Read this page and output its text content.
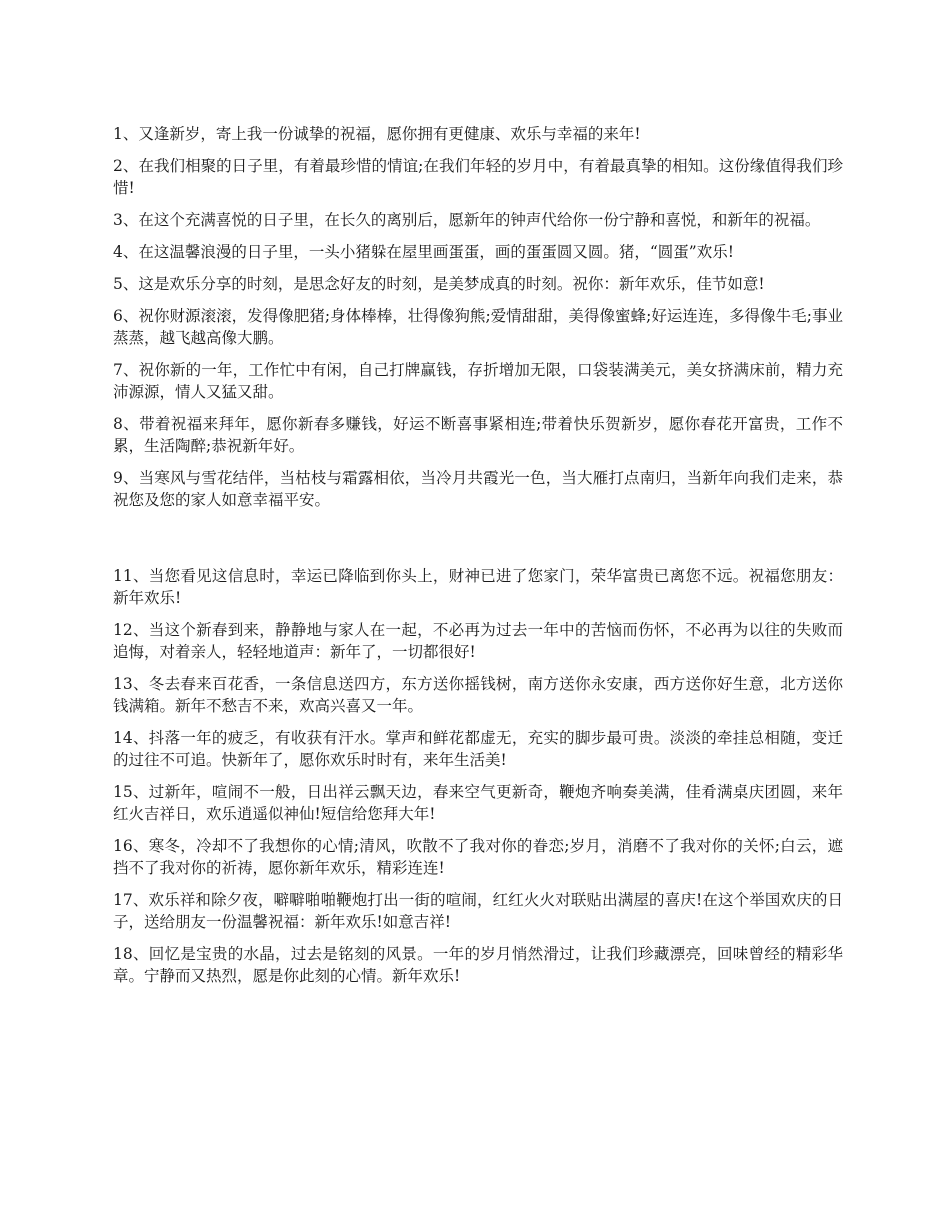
1、又逢新岁，寄上我一份诚挚的祝福，愿你拥有更健康、欢乐与幸福的来年!

2、在我们相聚的日子里，有着最珍惜的情谊;在我们年轻的岁月中，有着最真挚的相知。这份缘值得我们珍惜!

3、在这个充满喜悦的日子里，在长久的离别后，愿新年的钟声代给你一份宁静和喜悦，和新年的祝福。

4、在这温馨浪漫的日子里，一头小猪躲在屋里画蛋蛋，画的蛋蛋圆又圆。猪，“圆蛋”欢乐!

5、这是欢乐分享的时刻，是思念好友的时刻，是美梦成真的时刻。祝你：新年欢乐，佳节如意!

6、祝你财源滚滚，发得像肥猪;身体棒棒，壮得像狗熊;爱情甜甜，美得像蜜蜂;好运连连，多得像牛毛;事业蒸蒸，越飞越高像大鹏。

7、祝你新的一年，工作忙中有闲，自己打牌赢钱，存折增加无限，口袋装满美元，美女挤满床前，精力充沛源源，情人又猛又甜。

8、带着祝福来拜年，愿你新春多赚钱，好运不断喜事紧相连;带着快乐贺新岁，愿你春花开富贵，工作不累，生活陶醉;恭祝新年好。

9、当寒风与雪花结伴，当枯枝与霜露相依，当冷月共霞光一色，当大雁打点南归，当新年向我们走来，恭祝您及您的家人如意幸福平安。

11、当您看见这信息时，幸运已降临到你头上，财神已进了您家门，荣华富贵已离您不远。祝福您朋友：新年欢乐!

12、当这个新春到来，静静地与家人在一起，不必再为过去一年中的苦恼而伤怀，不必再为以往的失败而追悔，对着亲人，轻轻地道声：新年了，一切都很好!

13、冬去春来百花香，一条信息送四方，东方送你摇钱树，南方送你永安康，西方送你好生意，北方送你钱满箱。新年不愁吉不来，欢高兴喜又一年。

14、抖落一年的疲乏，有收获有汗水。掌声和鲜花都虚无，充实的脚步最可贵。淡淡的牵挂总相随，变迁的过往不可追。快新年了，愿你欢乐时时有，来年生活美!

15、过新年，喧闹不一般，日出祥云飘天边，春来空气更新奇，鞭炮齐响奏美满，佳肴满桌庆团圆，来年红火吉祥日，欢乐逍遥似神仙!短信给您拜大年!

16、寒冬，冷却不了我想你的心情;清风，吹散不了我对你的眷恋;岁月，消磨不了我对你的关怀;白云，遮挡不了我对你的祈祷，愿你新年欢乐，精彩连连!

17、欢乐祥和除夕夜，噼噼啪啪鞭炮打出一街的喧闹，红红火火对联贴出满屋的喜庆!在这个举国欢庆的日子，送给朋友一份温馨祝福：新年欢乐!如意吉祥!

18、回忆是宝贵的水晶，过去是铭刻的风景。一年的岁月悄然滑过，让我们珍藏漂亮，回味曾经的精彩华章。宁静而又热烈，愿是你此刻的心情。新年欢乐!
